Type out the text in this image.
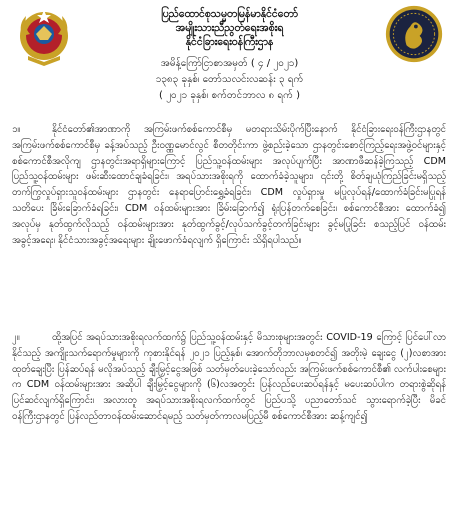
ပြည်ထောင်စုသမ္မတမြန်မာနိုင်ငံတော်
အမျိုးသားညီညွတ်ရေးအစိုးရ
နိုင်ငံခြားရေးဝန်ကြီးဌာန
အမိန့်ကြော်ငြာစာအမှတ် ( ၄ / ၂၀၂၁)
၁၃၈၃ ခုနှစ်၊ တော်သလင်းလဆန်း ၃ ရက်
( ၂၀၂၁ ခုနှစ်၊ စက်တင်ဘာလ ၈ ရက် )
၁။	နိုင်ငံတော်၏အာဏာကို အကြမ်းဖက်စစ်ကောင်စီမှ မတရားသိမ်းပိုက်ပြီးနောက် နိုင်ငံခြားရေးဝန်ကြီးဌာနတွင် အကြမ်းဖက်စစ်ကောင်စီမှ ခန့်အပ်သည့် ဦးဝဏ္ဏမောင်လွင် စီတတိုင်းကာ ဖွဲ့စည်းခဲ့သော ဌာနတွင်းစောင့်ကြည့်ရေးအဖွဲ့ဝင်များနှင့် စစ်ကောင်စီအလိုကျ ဌာနတွင်းအရာရှိများကြောင့် ပြည်သူ့ဝန်ထမ်းများ အလုပ်ပျက်ပြီး အာဏာဖီဆန်ခဲ့ကြသည့် CDM ပြည်သူ့ဝန်ထမ်းများ ဖမ်းဆီးထောင်ချခံရခြင်း၊ အရပ်သားအစိုးရကို ထောက်ခံခဲ့သူများ၊ ၎င်းတို့ စိတ်ချယုံကြည်ခြင်းမရှိသည့် တက်ကြွလှုပ်ရှားသူဝန်ထမ်းများ ဌာနတွင်း နေရာပြောင်းရွှေ့ခံရခြင်း၊ CDM လှုပ်ရှားမှု မပြုလုပ်ရန်/ထောက်ခံခြင်းမပြုရန် သတိပေး ခြိမ်းခြောက်ခံရခြင်း၊ CDM ဝန်ထမ်းများအား ခြိမ်းခြောက်၍ ရုံးပြန်တက်စေခြင်း၊ စစ်ကောင်စီအား ထောက်ခံ၍ အလုပ်မှ နုတ်ထွက်လိုသည့် ဝန်ထမ်းများအား နုတ်ထွက်ခွင့်/လုပ်သက်ခွင့်တက်ခြင်းများ ခွင့်မပြုခြင်း စသည့်ပြင် ဝန်ထမ်းအခွင့်အရေး၊ နိုင်ငံသားအခွင့်အရေးများ ချိုးဖောက်ခံရလျက် ရှိကြောင်း သိရှိရပါသည်။
၂။	ထို့အပြင် အရပ်သားအစိုးရလက်ထက်၌ ပြည်သူ့ဝန်ထမ်းနှင့် မိသားစုများအတွင်း COVID-19 ကြောင့် ပြင်ပေါ်လာနိုင်သည့် အကျိုးသက်ရောက်မှုများကို ကုစားနိုင်ရန် ၂၀၂၁ ပြည့်နှစ်၊ အောက်တိုဘာလမှစတင်၍ အတိုးမဲ့ ချေးငွေ (၂)လစာအား ထုတ်ချေးပြီး ပြန်ဆပ်ရန် မလိုအပ်သည့် ချီးမြှင့်ငွေအဖြစ် သတ်မှတ်ပေးခဲ့သော်လည်း အကြမ်းဖက်စစ်ကောင်စီ၏ လက်ပါးစေများက CDM ဝန်ထမ်းများအား အဆိုပါ ချီးမြှင့်ငွေများကို (၆)လအတွင်း ပြန်လည်ပေးဆပ်ရန်နှင့် မပေးဆပ်ပါက တရားစွဲဆိုရန် ပြင်ဆင်လျက်ရှိကြောင်း၊ အလားတူ အရပ်သားအစိုးရလက်ထက်တွင် ပြည်ပသို့ ပညာတော်သင် သွားရောက်ခဲ့ပြီး မိခင်ဝန်ကြီးဌာနတွင် ပြန်လည်တာဝန်ထမ်းဆောင်ရမည့် သတ်မှတ်ကာလမပြည့်မီ စစ်ကောင်စီအား ဆန့်ကျင်၍
